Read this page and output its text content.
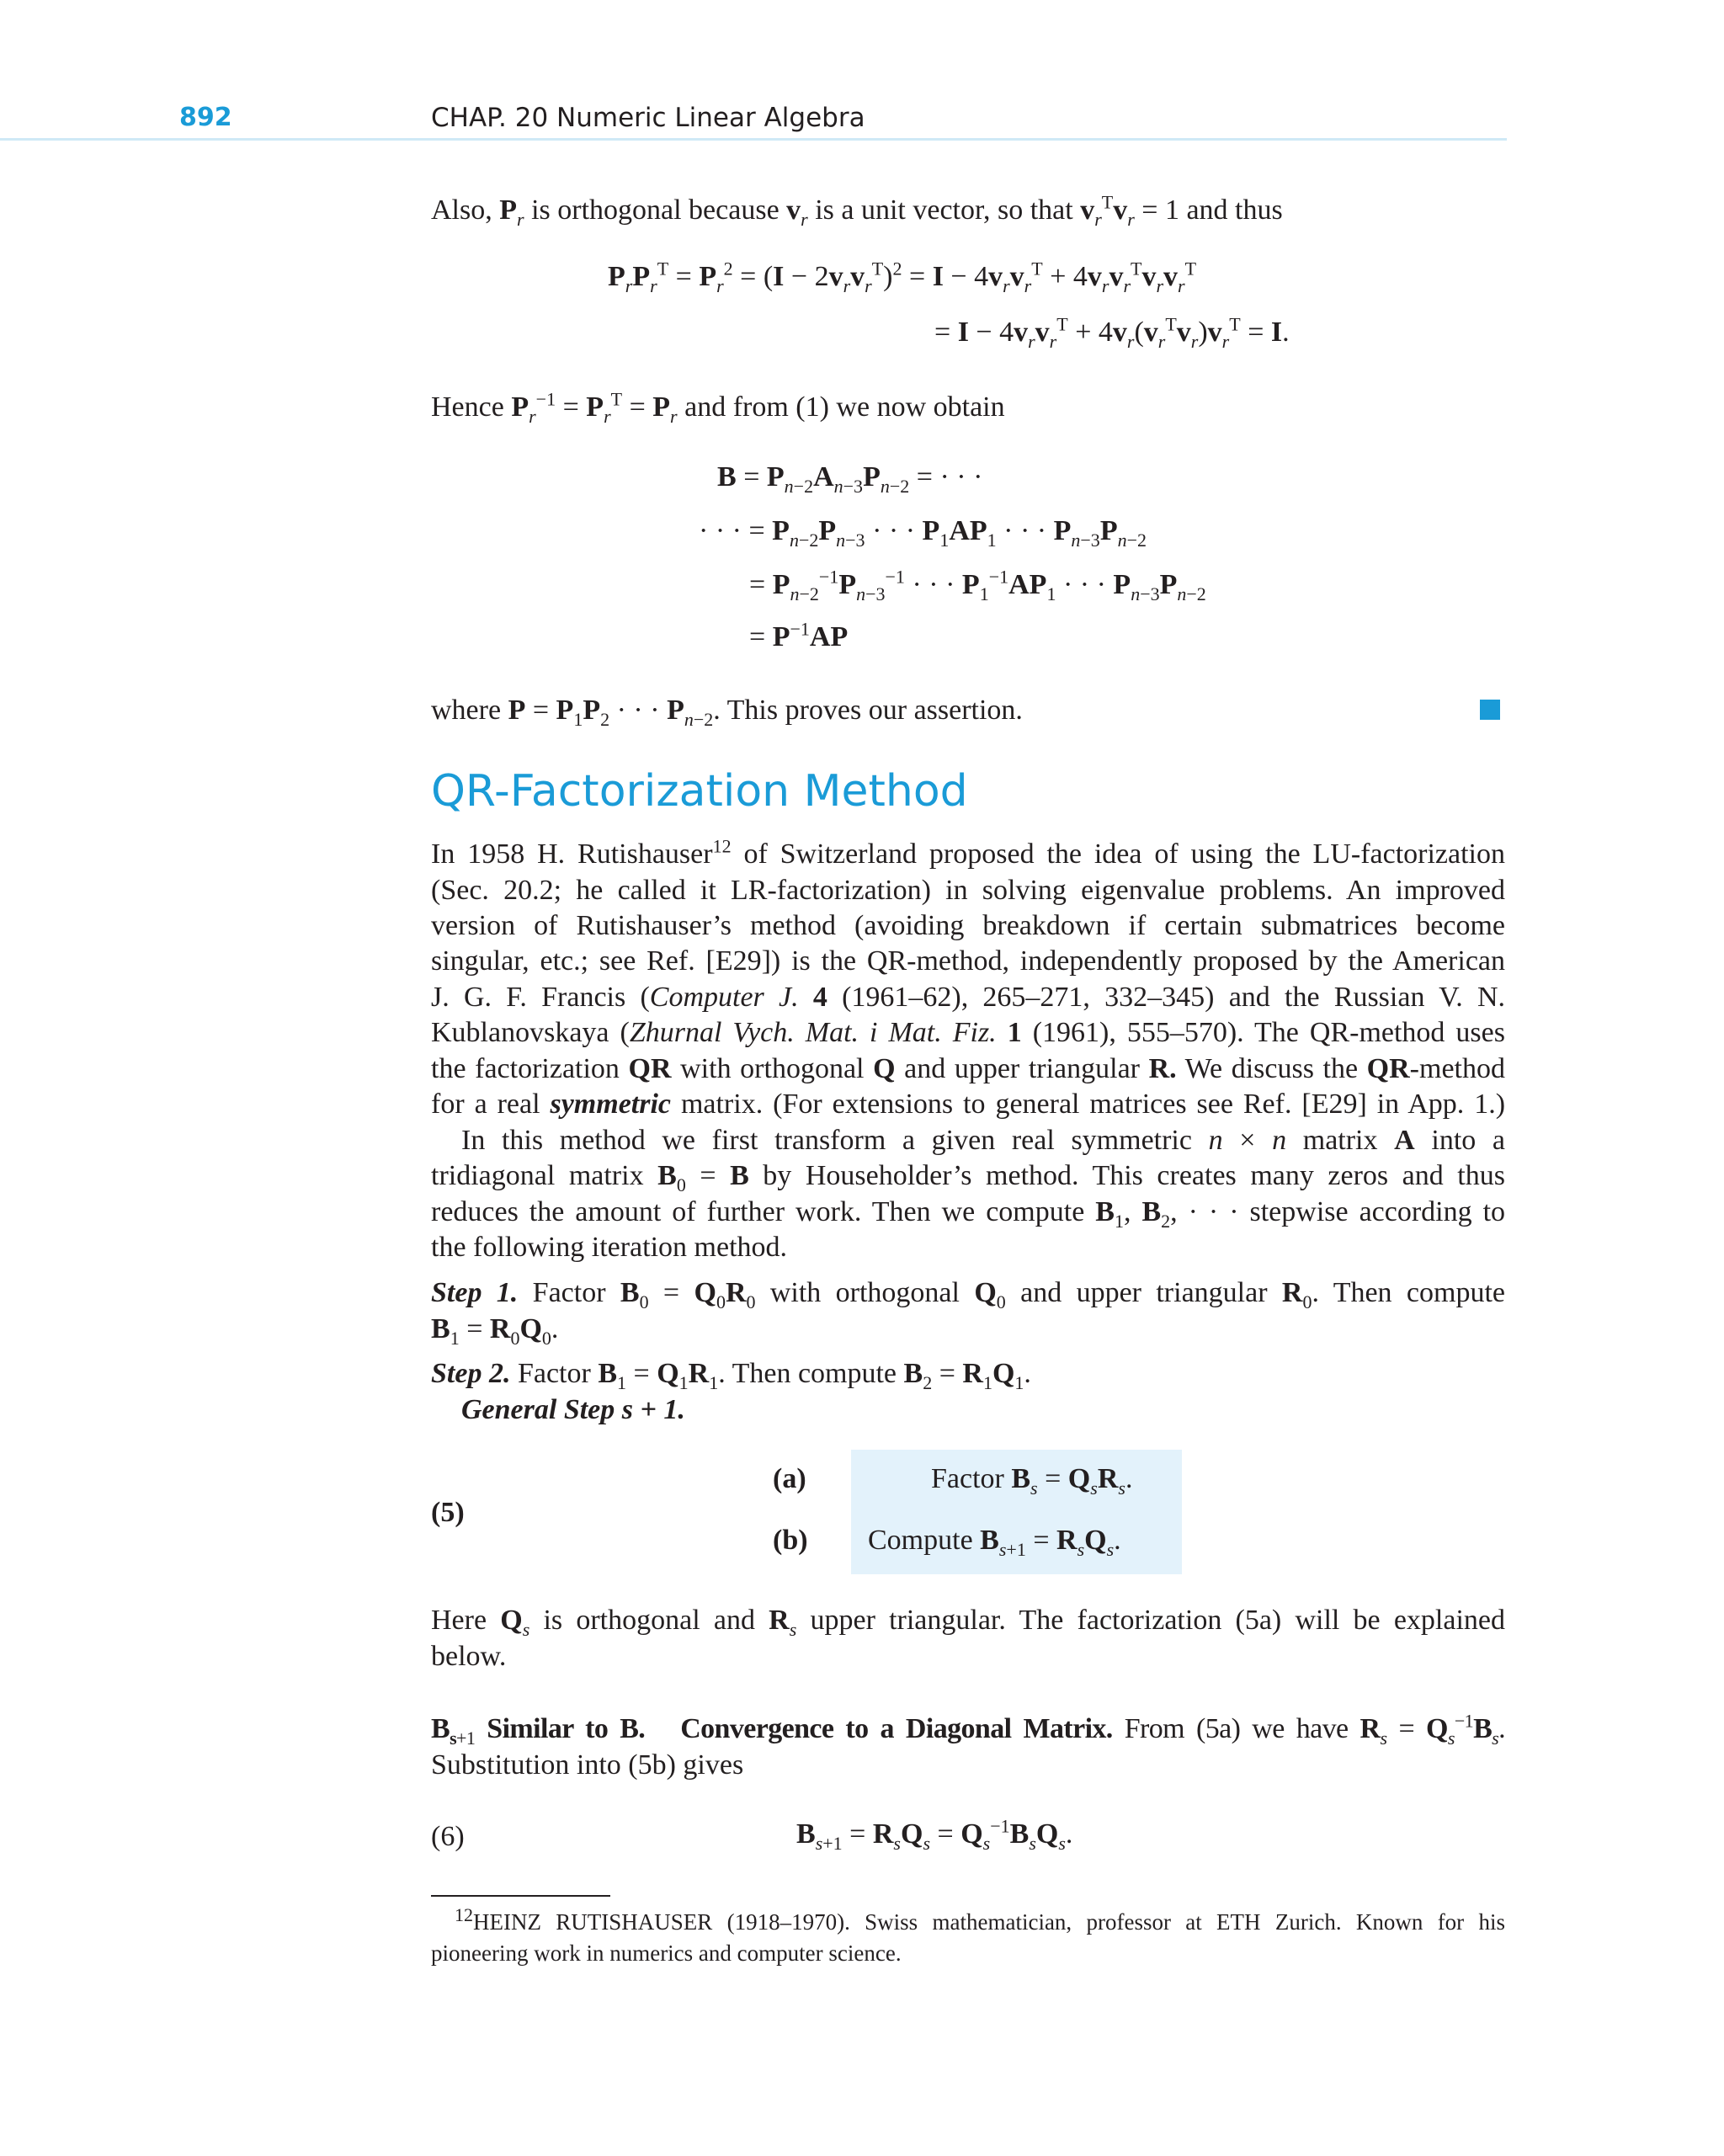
892	CHAP. 20 Numeric Linear Algebra
Also, $P_r$ is orthogonal because $v_r$ is a unit vector, so that $v_r^Tv_r = 1$ and thus
$P_rP_r^T = P_r^2 = (I - 2v_rv_r^T)^2 = I - 4v_rv_r^T + 4v_rv_r^Tv_rv_r^T$
= $I - 4v_rv_r^T + 4v_r(v_r^Tv_r)v_r^T = I$.
Hence $P_r^{-1} = P_r^T = P_r$ and from (1) we now obtain
$B = P_{n-2}A_{n-3}P_{n-2}$ = · · ·
· · · = $P_{n-2}P_{n-3}$ · · · $P_1AP_1$ · · · $P_{n-3}P_{n-2}$
= $P_{n-2}^{-1}P_{n-3}^{-1}$ · · · $P_1^{-1}AP_1$ · · · $P_{n-3}P_{n-2}$
= $P^{-1}AP$
where $P = P_1P_2$ · · · $P_{n-2}$. This proves our assertion.
QR-Factorization Method
In 1958 H. Rutishauser$^{12}$ of Switzerland proposed the idea of using the LU-factorization
(Sec. 20.2; he called it LR-factorization) in solving eigenvalue problems. An improved
version of Rutishauser’s method (avoiding breakdown if certain submatrices become
singular, etc.; see Ref. [E29]) is the QR-method, independently proposed by the American
J. G. F. Francis (Computer J. 4 (1961–62), 265–271, 332–345) and the Russian V. N.
Kublanovskaya (Zhurnal Vych. Mat. i Mat. Fiz. 1 (1961), 555–570). The QR-method uses
the factorization QR with orthogonal Q and upper triangular R. We discuss the QR-method
for a real symmetric matrix. (For extensions to general matrices see Ref. [E29] in App. 1.)
In this method we first transform a given real symmetric n × n matrix A into a
tridiagonal matrix $B_0 = B$ by Householder’s method. This creates many zeros and thus
reduces the amount of further work. Then we compute $B_1$, $B_2$, · · · stepwise according to
the following iteration method.
Step 1. Factor $B_0 = Q_0R_0$ with orthogonal $Q_0$ and upper triangular $R_0$. Then compute
$B_1 = R_0Q_0$.
Step 2. Factor $B_1 = Q_1R_1$. Then compute $B_2 = R_1Q_1$.
General Step s + 1.
(5)
(a)	Factor $B_s = Q_sR_s$.
(b) Compute $B_{s+1} = R_sQ_s$.
Here $Q_s$ is orthogonal and $R_s$ upper triangular. The factorization (5a) will be explained
below.
$B_{s+1}$ Similar to B. Convergence to a Diagonal Matrix. From (5a) we have $R_s = Q_s^{-1}B_s$.
Substitution into (5b) gives
(6)	$B_{s+1} = R_sQ_s = Q_s^{-1}B_sQ_s$.
$^{12}$HEINZ RUTISHAUSER (1918–1970). Swiss mathematician, professor at ETH Zurich. Known for his
pioneering work in numerics and computer science.
